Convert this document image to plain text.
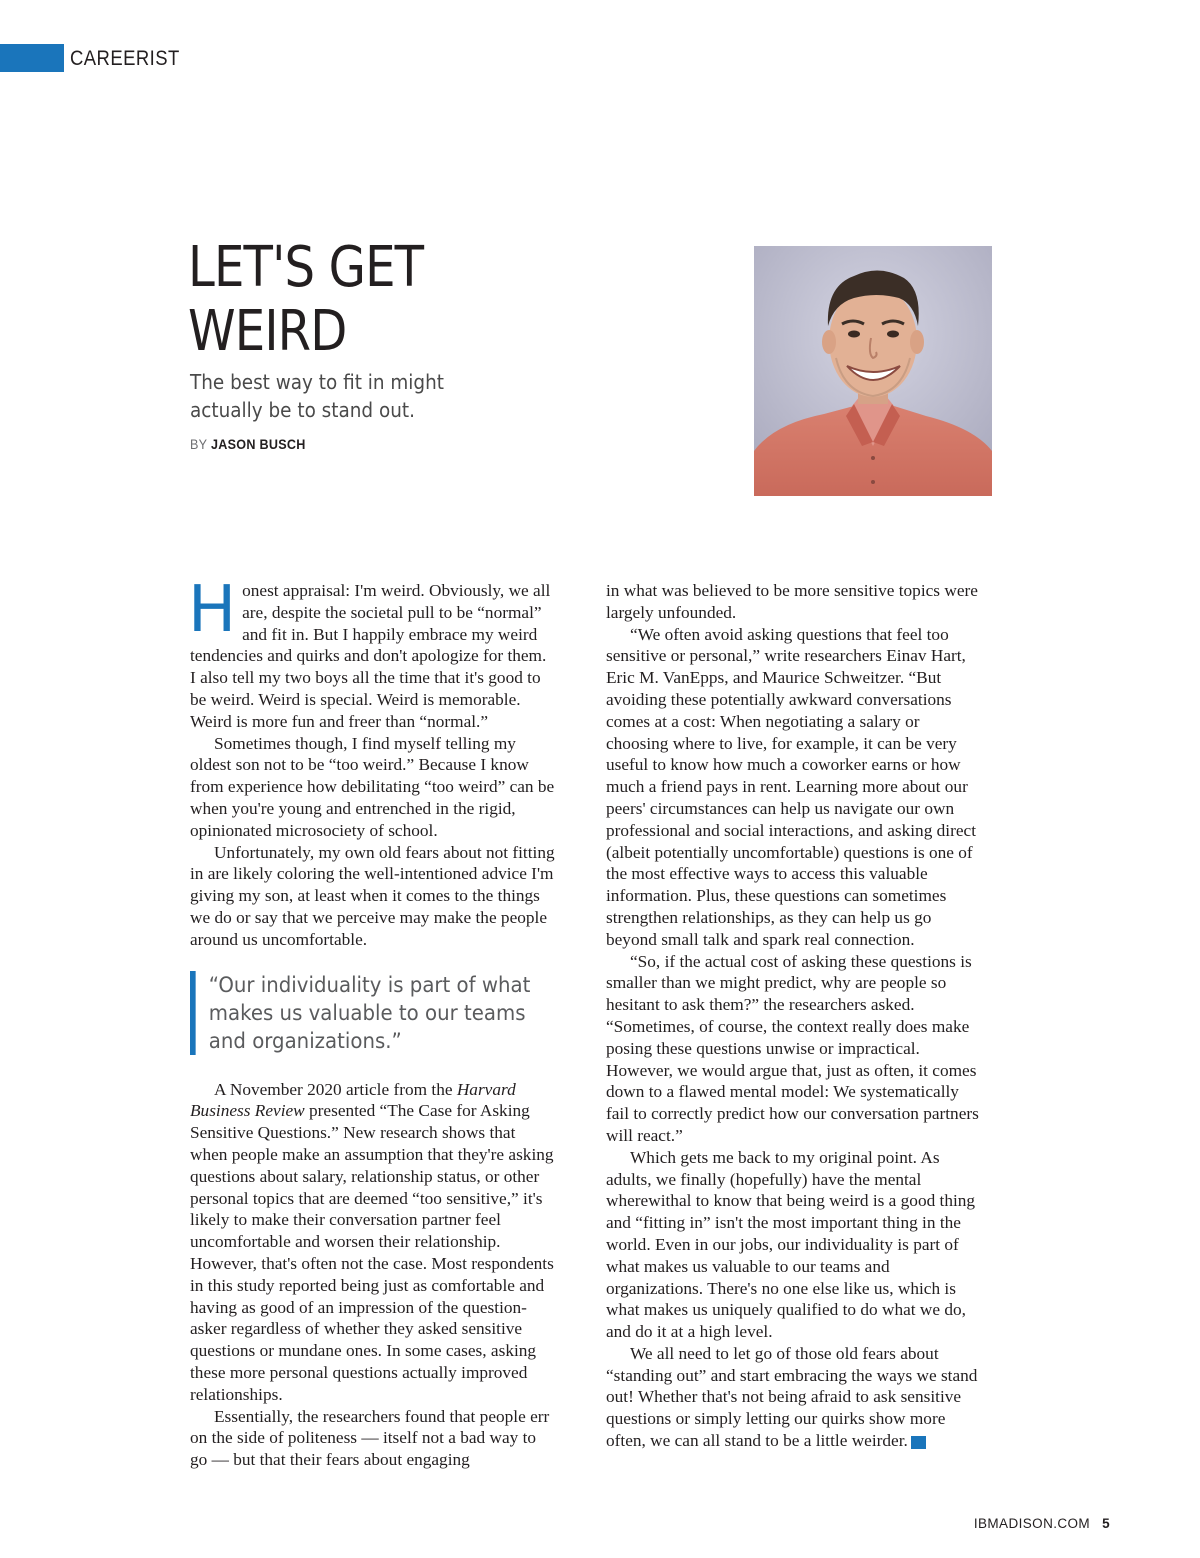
CAREERIST
LET'S GET
WEIRD
The best way to fit in might actually be to stand out.
BY JASON BUSCH

Honest appraisal: I'm weird. Obviously, we all are, despite the societal pull to be “normal” and fit in. But I happily embrace my weird tendencies and quirks and don't apologize for them. I also tell my two boys all the time that it's good to be weird. Weird is special. Weird is memorable. Weird is more fun and freer than “normal.”

Sometimes though, I find myself telling my oldest son not to be “too weird.” Because I know from experience how debilitating “too weird” can be when you're young and entrenched in the rigid, opinionated microsociety of school.

Unfortunately, my own old fears about not fitting in are likely coloring the well-intentioned advice I'm giving my son, at least when it comes to the things we do or say that we perceive may make the people around us uncomfortable.

“Our individuality is part of what makes us valuable to our teams and organizations.”

A November 2020 article from the Harvard Business Review presented “The Case for Asking Sensitive Questions.” New research shows that when people make an assumption that they're asking questions about salary, relationship status, or other personal topics that are deemed “too sensitive,” it's likely to make their conversation partner feel uncomfortable and worsen their relationship. However, that's often not the case. Most respondents in this study reported being just as comfortable and having as good of an impression of the question-asker regardless of whether they asked sensitive questions or mundane ones. In some cases, asking these more personal questions actually improved relationships.

Essentially, the researchers found that people err on the side of politeness — itself not a bad way to go — but that their fears about engaging

in what was believed to be more sensitive topics were largely unfounded.

“We often avoid asking questions that feel too sensitive or personal,” write researchers Einav Hart, Eric M. VanEpps, and Maurice Schweitzer. “But avoiding these potentially awkward conversations comes at a cost: When negotiating a salary or choosing where to live, for example, it can be very useful to know how much a coworker earns or how much a friend pays in rent. Learning more about our peers' circumstances can help us navigate our own professional and social interactions, and asking direct (albeit potentially uncomfortable) questions is one of the most effective ways to access this valuable information. Plus, these questions can sometimes strengthen relationships, as they can help us go beyond small talk and spark real connection.

“So, if the actual cost of asking these questions is smaller than we might predict, why are people so hesitant to ask them?” the researchers asked. “Sometimes, of course, the context really does make posing these questions unwise or impractical. However, we would argue that, just as often, it comes down to a flawed mental model: We systematically fail to correctly predict how our conversation partners will react.”

Which gets me back to my original point. As adults, we finally (hopefully) have the mental wherewithal to know that being weird is a good thing and “fitting in” isn't the most important thing in the world. Even in our jobs, our individuality is part of what makes us valuable to our teams and organizations. There's no one else like us, which is what makes us uniquely qualified to do what we do, and do it at a high level.

We all need to let go of those old fears about “standing out” and start embracing the ways we stand out! Whether that's not being afraid to ask sensitive questions or simply letting our quirks show more often, we can all stand to be a little weirder.	IB

IBMADISON.COM 5
